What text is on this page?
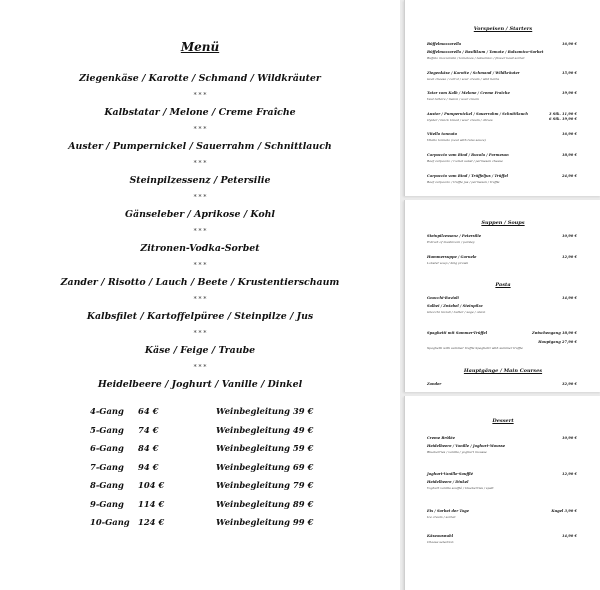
Menü
Ziegenkäse / Karotte / Schmand / Wildkräuter
* * *
Kalbstatar / Melone / Creme Fraîche
* * *
Auster / Pumpernickel / Sauerrahm / Schnittlauch
* * *
Steinpilzessenz / Petersilie
* * *
Gänseleber / Aprikose / Kohl
* * *
Zitronen-Vodka-Sorbet
* * *
Zander / Risotto / Lauch / Beete / Krustentierschaum
* * *
Kalbsfilet / Kartoffelpüree / Steinpilze / Jus
* * *
Käse / Feige / Traube
* * *
Heidelbeere / Joghurt / Vanille / Dinkel
4-Gang 64 €	Weinbegleitung 39 €
5-Gang 74 €	Weinbegleitung 49 €
6-Gang 84 €	Weinbegleitung 59 €
7-Gang 94 €	Weinbegleitung 69 €
8-Gang 104 €	Weinbegleitung 79 €
9-Gang 114 €	Weinbegleitung 89 €
10-Gang 124 €	Weinbegleitung 99 €
Vorspeisen / Starters
Büffelmozzarella	16,90 €
Büffelmozzarella / Basilikum / Tomate / Balsamico-Sorbet
Buffalo mozzarella / tomatoes / balsamico / flower basil sorbet
Ziegenkäse / Karotte / Schmand / Wildkräuter
Goat cheese / carrot / sour cream / wild herbs
15,90 €
Tatar vom Kalb / Melone / Creme Fraîche
Veal tartare / melon / sour cream
19,90 €
Auster / Pumpernickel / Sauerrahm / Schnittlauch
Oyster / black bread / sour cream / chives
3 Stk. 11,90 €
6 Stk. 19,90 €
Vitello tonnato
Vitello tonnato (veal with tuna sauce)
16,90 €
Carpaccio vom Rind / Rucola / Parmesan
Beef carpaccio / rocket salad / parmesan cheese
18,90 €
Carpaccio vom Rind / Trüffeljus / Trüffel
Beef carpaccio / truffle jus / parmesan / truffle
24,90 €
Suppen / Soups
Steinpilzessenz / Petersilie
Extract of mushroom / parsley
10,90 €
Hummersuppe / Garnele
Lobster soup / king prawn
12,90 €
Pasta
Gnocchi-Ravioli	14,90 €
Salbei / Zwiebel / Steinpilze
Gnocchi ravioli / butter / sage / onion
Spaghetti mit Sommer-Trüffel	Zwischengang 18,90 €
Hauptgang 27,90 €
Spaghetti with summer truffle Spaghetti with summer truffle
Hauptgänge / Main Courses
Zander	32,90 €
Dessert
Creme Brûlée	10,90 €
Heidelbeere / Vanille / Joghurt-Mousse
Blueberries / vanilla / yoghurt mousse
Joghurt-Vanille-Soufflé	12,90 €
Heidelbeere / Dinkel
Yoghurt vanilla soufflé / blueberries / spelt
Eis / Sorbet der Tage
Ice cream / sorbet
Kugel 3,90 €
Käseauswahl
Cheese selection
14,90 €
